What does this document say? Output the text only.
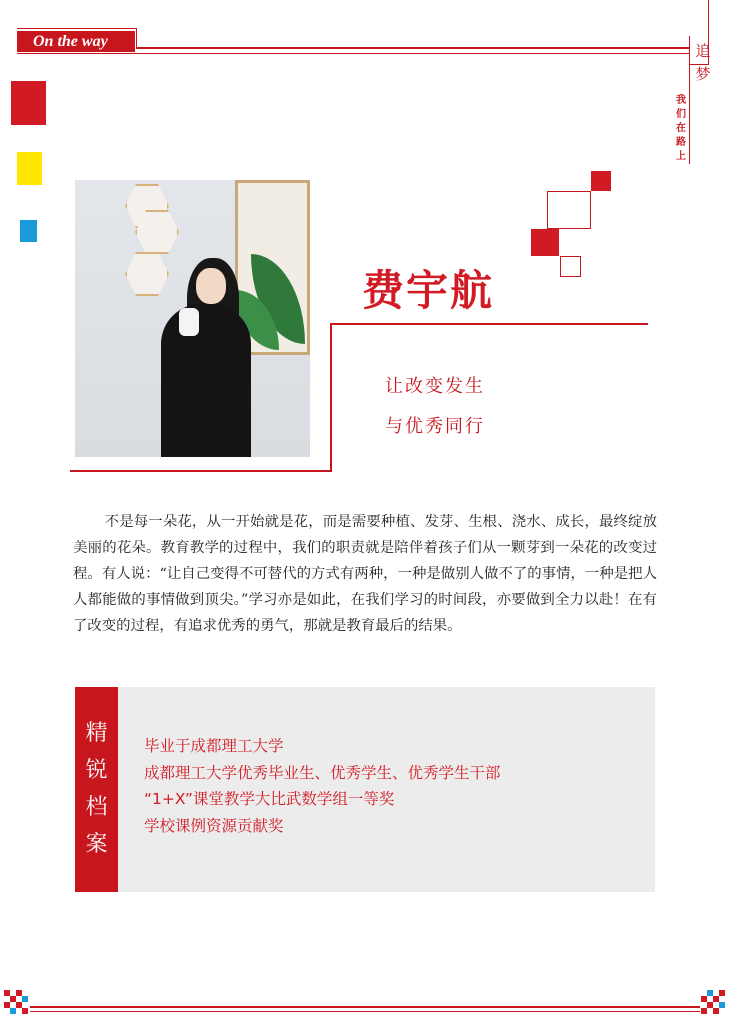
On the way
追 梦
我 们 在 路 上
费宇航
让改变发生
与优秀同行
不是每一朵花，从一开始就是花，而是需要种植、发芽、生根、浇水、成长，最终绽放美丽的花朵。教育教学的过程中，我们的职责就是陪伴着孩子们从一颗芽到一朵花的改变过程。有人说：“让自己变得不可替代的方式有两种，一种是做别人做不了的事情，一种是把人人都能做的事情做到顶尖。”学习亦是如此，在我们学习的时间段，亦要做到全力以赴！在有了改变的过程，有追求优秀的勇气，那就是教育最后的结果。
精 锐 档 案
毕业于成都理工大学
成都理工大学优秀毕业生、优秀学生、优秀学生干部
“1+X”课堂教学大比武数学组一等奖
学校课例资源贡献奖
